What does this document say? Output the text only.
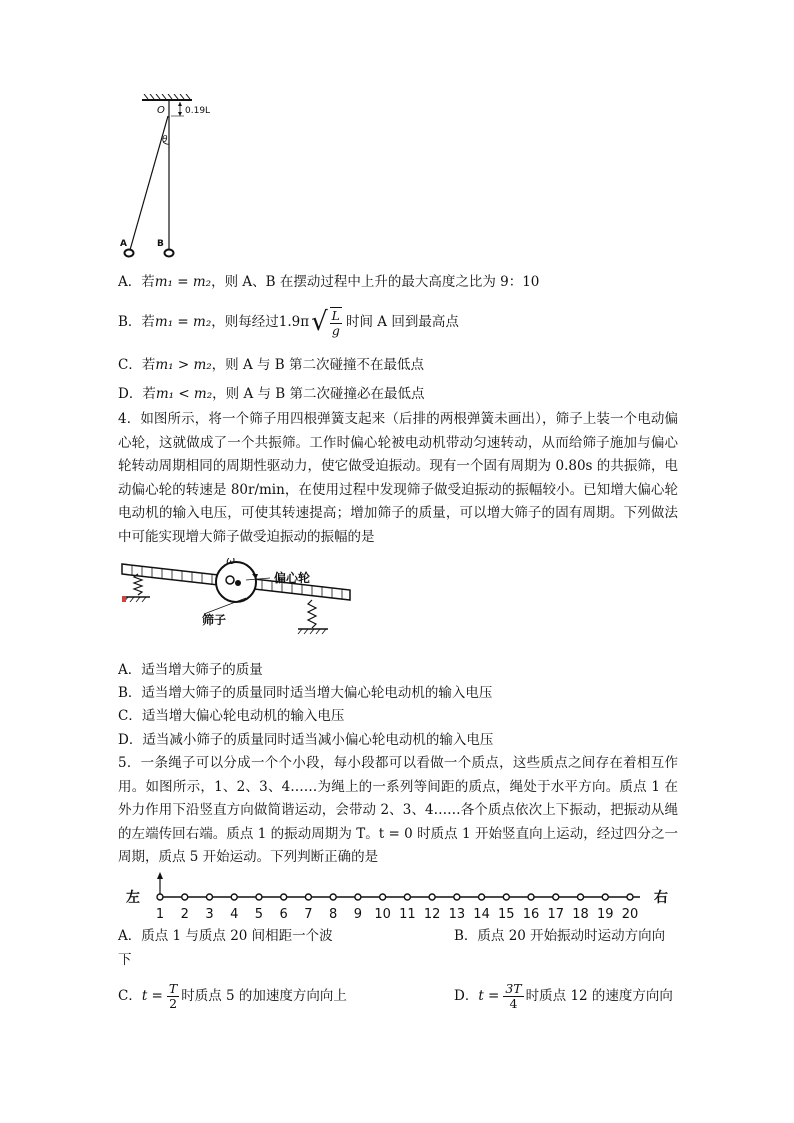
O 0.19L
θ
A	B
A．若m₁ = m₂，则 A、B 在摆动过程中上升的最大高度之比为 9：10
B． 若 m₁ = m₂ ，则每经过 1.9π √ $\frac{L}{g}$ 时间 A 回到最高点
C．若m₁ > m₂，则 A 与 B 第二次碰撞不在最低点
D．若m₁ < m₂，则 A 与 B 第二次碰撞必在最低点
4．如图所示，将一个筛子用四根弹簧支起来（后排的两根弹簧未画出），筛子上装一个电动偏心轮，这就做成了一个共振筛。工作时偏心轮被电动机带动匀速转动，从而给筛子施加与偏心轮转动周期相同的周期性驱动力，使它做受迫振动。现有一个固有周期为 0.80s 的共振筛，电动偏心轮的转速是 80r/min，在使用过程中发现筛子做受迫振动的振幅较小。已知增大偏心轮电动机的输入电压，可使其转速提高；增加筛子的质量，可以增大筛子的固有周期。下列做法中可能实现增大筛子做受迫振动的振幅的是
ω
偏心轮
筛子
A．适当增大筛子的质量
B．适当增大筛子的质量同时适当增大偏心轮电动机的输入电压
C．适当增大偏心轮电动机的输入电压
D．适当减小筛子的质量同时适当减小偏心轮电动机的输入电压
5．一条绳子可以分成一个个小段，每小段都可以看做一个质点，这些质点之间存在着相互作用。如图所示，1、2、3、4……为绳上的一系列等间距的质点，绳处于水平方向。质点 1 在外力作用下沿竖直方向做简谐运动，会带动 2、3、4……各个质点依次上下振动，把振动从绳的左端传回右端。质点 1 的振动周期为 T。t = 0 时质点 1 开始竖直向上运动，经过四分之一周期，质点 5 开始运动。下列判断正确的是
左	右
1 2 3 4 5 6 7 8 9 10 11 12 13 14 15 16 17 18 19 20
A．质点 1 与质点 20 间相距一个波	B．质点 20 开始振动时运动方向向
下
C． $t = \frac{T}{2}$ 时质点 5 的加速度方向向上	D． $t = \frac{3T}{4}$ 时质点 12 的速度方向向
